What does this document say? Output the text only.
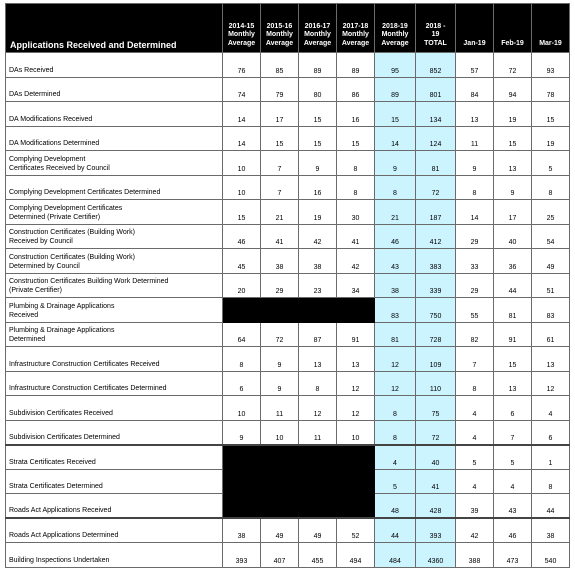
Applications Received and Determined	2014-15
Monthly
Average	2015-16
Monthly
Average	2016-17
Monthly
Average	2017-18
Monthly
Average	2018-19
Monthly
Average	2018 -
19
TOTAL	Jan-19	Feb-19	Mar-19
DAs Received	76	85	89	89	95	852	57	72	93
DAs Determined	74	79	80	86	89	801	84	94	78
DA Modifications Received	14	17	15	16	15	134	13	19	15
DA Modifications Determined	14	15	15	15	14	124	11	15	19
Complying Development
Certificates Received by Council	10	7	9	8	9	81	9	13	5
Complying Development Certificates Determined	10	7	16	8	8	72	8	9	8
Complying Development Certificates
Determined (Private Certifier)	15	21	19	30	21	187	14	17	25
Construction Certificates (Building Work)
Received by Council	46	41	42	41	46	412	29	40	54
Construction Certificates (Building Work)
Determined by Council	45	38	38	42	43	383	33	36	49
Construction Certificates Building Work Determined
(Private Certifier)	20	29	23	34	38	339	29	44	51
Plumbing & Drainage Applications
Received					83	750	55	81	83
Plumbing & Drainage Applications
Determined	64	72	87	91	81	728	82	91	61
Infrastructure Construction Certificates Received	8	9	13	13	12	109	7	15	13
Infrastructure Construction Certificates Determined	6	9	8	12	12	110	8	13	12
Subdivision Certificates Received	10	11	12	12	8	75	4	6	4
Subdivision Certificates Determined	9	10	11	10	8	72	4	7	6
Strata Certificates Received					4	40	5	5	1
Strata Certificates Determined					5	41	4	4	8
Roads Act Applications Received					48	428	39	43	44
Roads Act Applications Determined	38	49	49	52	44	393	42	46	38
Building Inspections Undertaken	393	407	455	494	484	4360	388	473	540
